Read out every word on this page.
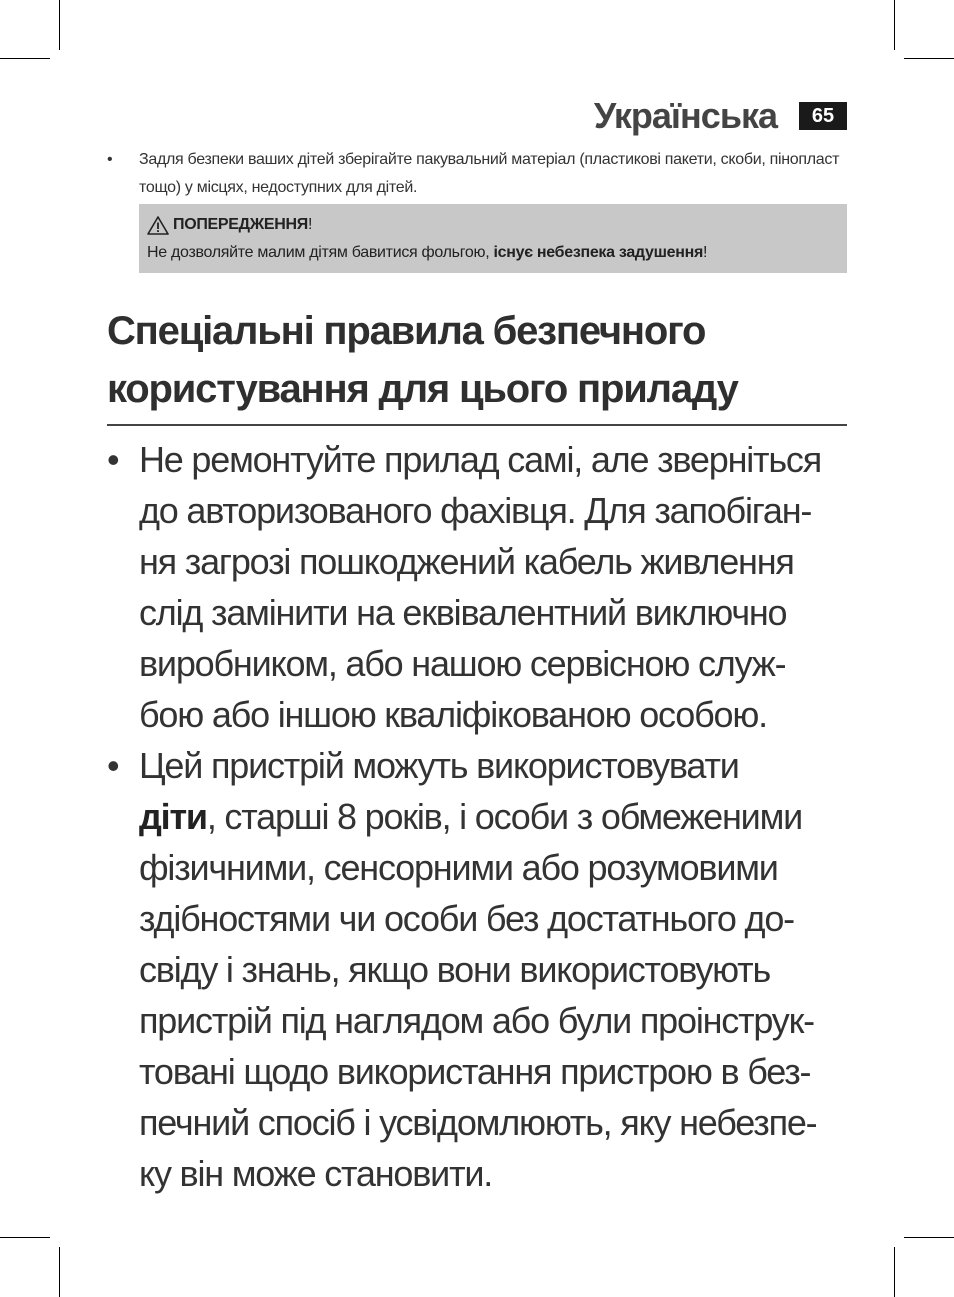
Українська	65
• Задля безпеки ваших дітей зберігайте пакувальний матеріал (пластикові пакети, скоби, пінопласт тощо) у місцях, недоступних для дітей.
ПОПЕРЕДЖЕННЯ !
Не дозволяйте малим дітям бавитися фольгою, існує небезпека задушення!
Спеціальні правила безпечного
користування для цього приладу
• Не ремонтуйте прилад самі, але зверніться
до авторизованого фахівця. Для запобіган-
ня загрозі пошкоджений кабель живлення
слід замінити на еквівалентний виключно
виробником, або нашою сервісною служ-
бою або іншою кваліфікованою особою.
• Цей пристрій можуть використовувати
діти, старші 8 років, і особи з обмеженими
фізичними, сенсорними або розумовими
здібностями чи особи без достатнього до-
свіду і знань, якщо вони використовують
пристрій під наглядом або були проінструк-
товані щодо використання пристрою в без-
печний спосіб і усвідомлюють, яку небезпе-
ку він може становити.
